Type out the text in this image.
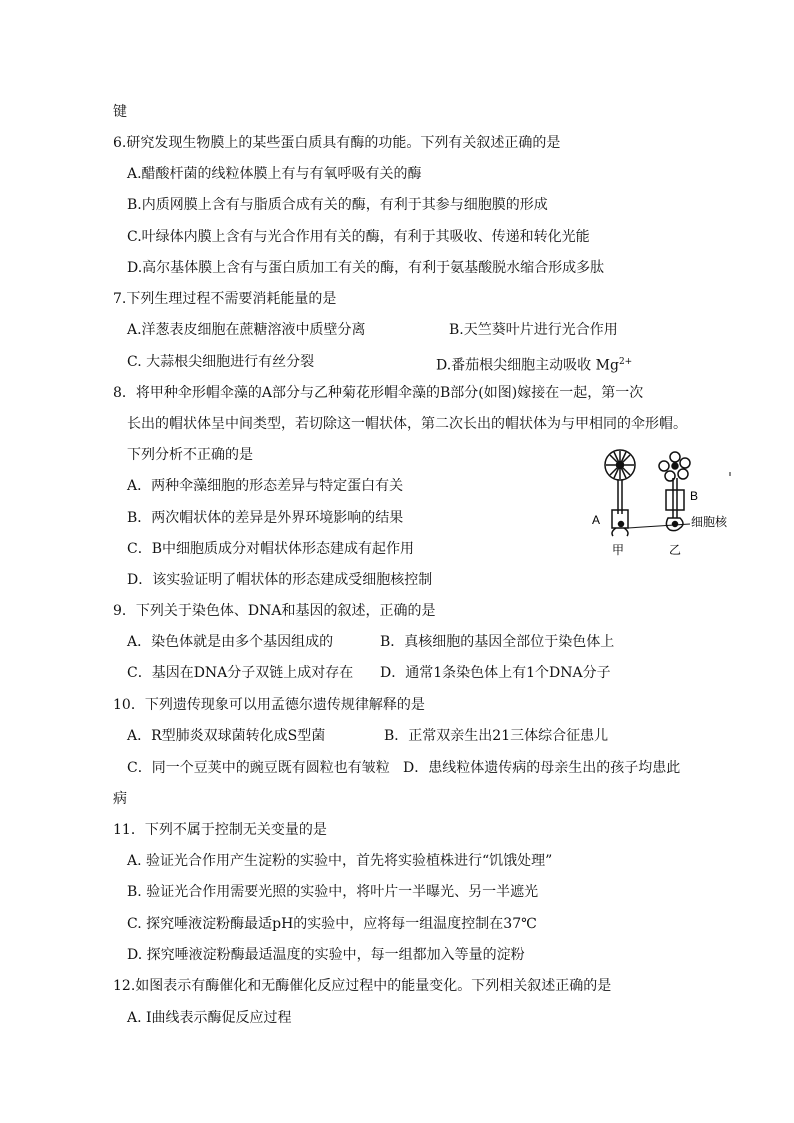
键
6.研究发现生物膜上的某些蛋白质具有酶的功能。下列有关叙述正确的是
A.醋酸杆菌的线粒体膜上有与有氧呼吸有关的酶
B.内质网膜上含有与脂质合成有关的酶，有利于其参与细胞膜的形成
C.叶绿体内膜上含有与光合作用有关的酶，有利于其吸收、传递和转化光能
D.高尔基体膜上含有与蛋白质加工有关的酶，有利于氨基酸脱水缩合形成多肽
7.下列生理过程不需要消耗能量的是
A.洋葱表皮细胞在蔗糖溶液中质壁分离	B.天竺葵叶片进行光合作用
C. 大蒜根尖细胞进行有丝分裂	D.番茄根尖细胞主动吸收 $Mg^{2+}$
8．将甲种伞形帽伞藻的A部分与乙种菊花形帽伞藻的B部分(如图)嫁接在一起，第一次
长出的帽状体呈中间类型，若切除这一帽状体，第二次长出的帽状体为与甲相同的伞形帽。
下列分析不正确的是
A．两种伞藻细胞的形态差异与特定蛋白有关
B．两次帽状体的差异是外界环境影响的结果
C．B中细胞质成分对帽状体形态建成有起作用
D．该实验证明了帽状体的形态建成受细胞核控制
A
B
细胞核
甲	乙
9．下列关于染色体、DNA和基因的叙述，正确的是
A．染色体就是由多个基因组成的	B．真核细胞的基因全部位于染色体上
C．基因在DNA分子双链上成对存在 D．通常1条染色体上有1个DNA分子
10．下列遗传现象可以用孟德尔遗传规律解释的是
A．R型肺炎双球菌转化成S型菌	B．正常双亲生出21三体综合征患儿
C．同一个豆荚中的豌豆既有圆粒也有皱粒 D．患线粒体遗传病的母亲生出的孩子均患此
病
11．下列不属于控制无关变量的是
A. 验证光合作用产生淀粉的实验中，首先将实验植株进行“饥饿处理”
B. 验证光合作用需要光照的实验中，将叶片一半曝光、另一半遮光
C. 探究唾液淀粉酶最适pH的实验中，应将每一组温度控制在37℃
D. 探究唾液淀粉酶最适温度的实验中，每一组都加入等量的淀粉
12.如图表示有酶催化和无酶催化反应过程中的能量变化。下列相关叙述正确的是
A. Ⅰ曲线表示酶促反应过程
